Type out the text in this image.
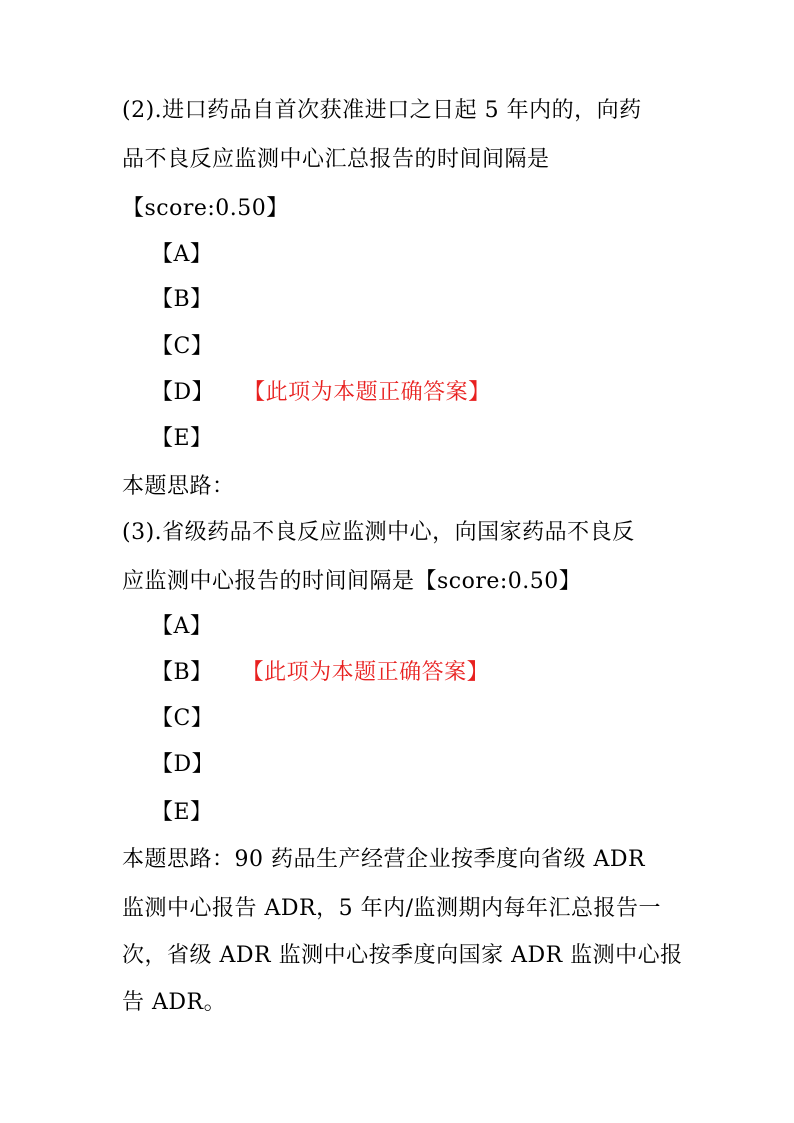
(2).进口药品自首次获准进口之日起 5 年内的，向药
品不良反应监测中心汇总报告的时间间隔是
【score:0.50】
【A】
【B】
【C】
【D】 【此项为本题正确答案】
【E】
本题思路：
(3).省级药品不良反应监测中心，向国家药品不良反
应监测中心报告的时间间隔是【score:0.50】
【A】
【B】 【此项为本题正确答案】
【C】
【D】
【E】
本题思路：90 药品生产经营企业按季度向省级 ADR
监测中心报告 ADR，5 年内/监测期内每年汇总报告一
次，省级 ADR 监测中心按季度向国家 ADR 监测中心报
告 ADR。
